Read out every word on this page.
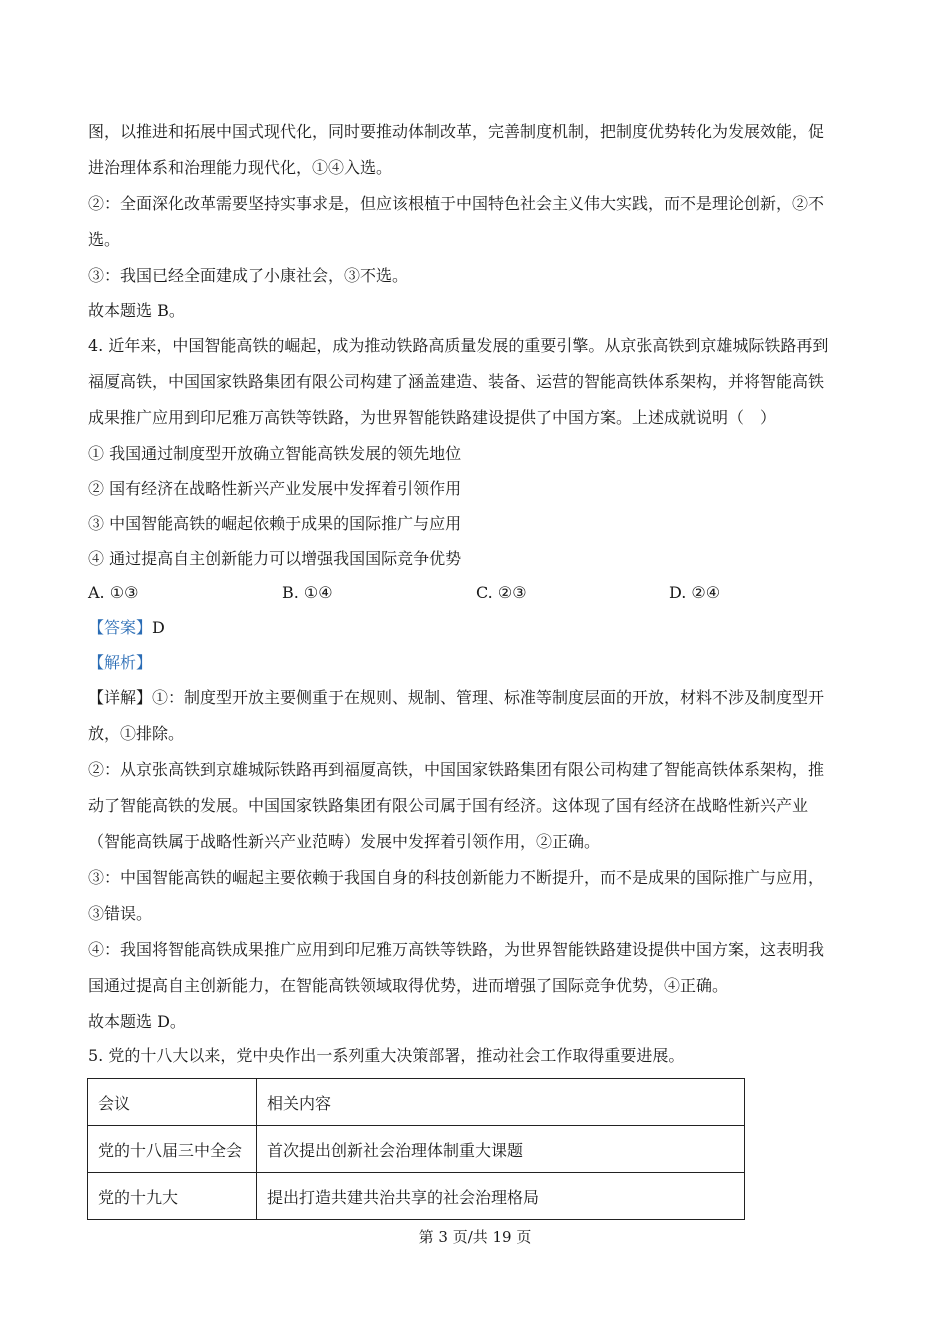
图，以推进和拓展中国式现代化，同时要推动体制改革，完善制度机制，把制度优势转化为发展效能，促
进治理体系和治理能力现代化，①④入选。
②：全面深化改革需要坚持实事求是，但应该根植于中国特色社会主义伟大实践，而不是理论创新，②不
选。
③：我国已经全面建成了小康社会，③不选。
故本题选 B。
4. 近年来，中国智能高铁的崛起，成为推动铁路高质量发展的重要引擎。从京张高铁到京雄城际铁路再到
福厦高铁，中国国家铁路集团有限公司构建了涵盖建造、装备、运营的智能高铁体系架构，并将智能高铁
成果推广应用到印尼雅万高铁等铁路，为世界智能铁路建设提供了中国方案。上述成就说明（　）
① 我国通过制度型开放确立智能高铁发展的领先地位
② 国有经济在战略性新兴产业发展中发挥着引领作用
③ 中国智能高铁的崛起依赖于成果的国际推广与应用
④ 通过提高自主创新能力可以增强我国国际竞争优势
A. ①③	B. ①④	C. ②③	D. ②④
【答案】D
【解析】
【详解】①：制度型开放主要侧重于在规则、规制、管理、标准等制度层面的开放，材料不涉及制度型开
放，①排除。
②：从京张高铁到京雄城际铁路再到福厦高铁，中国国家铁路集团有限公司构建了智能高铁体系架构，推
动了智能高铁的发展。中国国家铁路集团有限公司属于国有经济。这体现了国有经济在战略性新兴产业
（智能高铁属于战略性新兴产业范畴）发展中发挥着引领作用，②正确。
③：中国智能高铁的崛起主要依赖于我国自身的科技创新能力不断提升，而不是成果的国际推广与应用，
③错误。
④：我国将智能高铁成果推广应用到印尼雅万高铁等铁路，为世界智能铁路建设提供中国方案，这表明我
国通过提高自主创新能力，在智能高铁领域取得优势，进而增强了国际竞争优势，④正确。
故本题选 D。
5. 党的十八大以来，党中央作出一系列重大决策部署，推动社会工作取得重要进展。
会议	相关内容
党的十八届三中全会	首次提出创新社会治理体制重大课题
党的十九大	提出打造共建共治共享的社会治理格局
第 3 页/共 19 页
